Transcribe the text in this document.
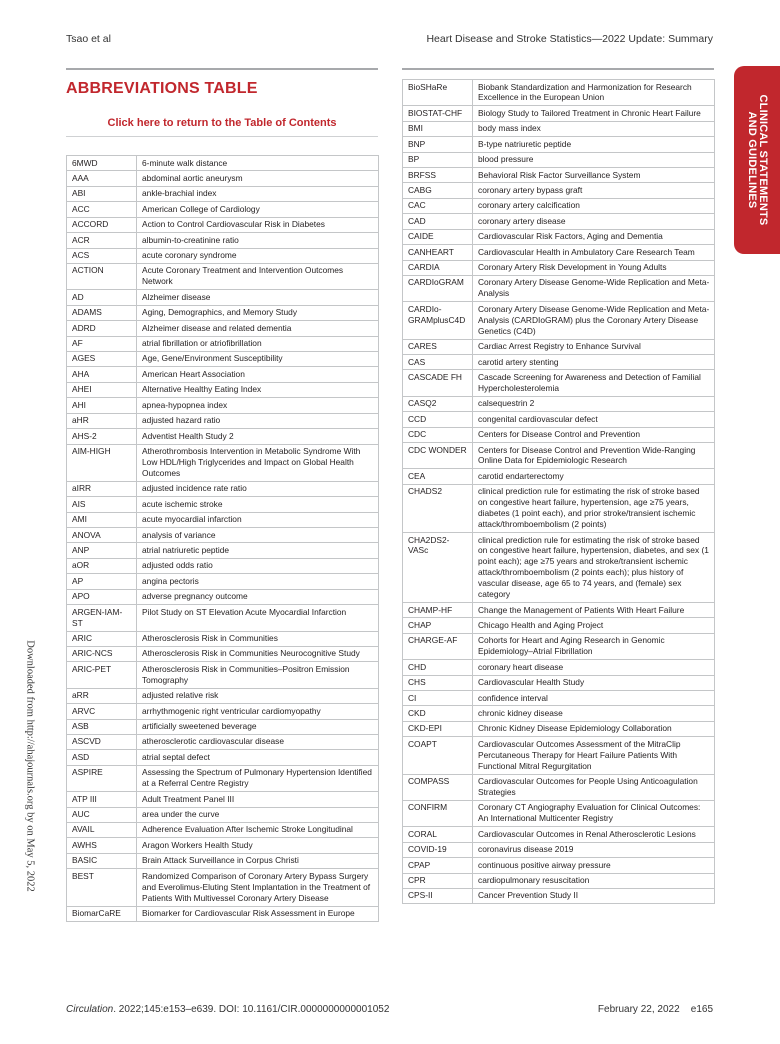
Tsao et al	Heart Disease and Stroke Statistics—2022 Update: Summary
ABBREVIATIONS TABLE
Click here to return to the Table of Contents
6MWD	6-minute walk distance
AAA	abdominal aortic aneurysm
ABI	ankle-brachial index
ACC	American College of Cardiology
ACCORD	Action to Control Cardiovascular Risk in Diabetes
ACR	albumin-to-creatinine ratio
ACS	acute coronary syndrome
ACTION	Acute Coronary Treatment and Intervention Outcomes Network
AD	Alzheimer disease
ADAMS	Aging, Demographics, and Memory Study
ADRD	Alzheimer disease and related dementia
AF	atrial fibrillation or atriofibrillation
AGES	Age, Gene/Environment Susceptibility
AHA	American Heart Association
AHEI	Alternative Healthy Eating Index
AHI	apnea-hypopnea index
aHR	adjusted hazard ratio
AHS-2	Adventist Health Study 2
AIM-HIGH	Atherothrombosis Intervention in Metabolic Syndrome With Low HDL/High Triglycerides and Impact on Global Health Outcomes
aIRR	adjusted incidence rate ratio
AIS	acute ischemic stroke
AMI	acute myocardial infarction
ANOVA	analysis of variance
ANP	atrial natriuretic peptide
aOR	adjusted odds ratio
AP	angina pectoris
APO	adverse pregnancy outcome
ARGEN-IAM-ST	Pilot Study on ST Elevation Acute Myocardial Infarction
ARIC	Atherosclerosis Risk in Communities
ARIC-NCS	Atherosclerosis Risk in Communities Neurocognitive Study
ARIC-PET	Atherosclerosis Risk in Communities–Positron Emission Tomography
aRR	adjusted relative risk
ARVC	arrhythmogenic right ventricular cardiomyopathy
ASB	artificially sweetened beverage
ASCVD	atherosclerotic cardiovascular disease
ASD	atrial septal defect
ASPIRE	Assessing the Spectrum of Pulmonary Hypertension Identified at a Referral Centre Registry
ATP III	Adult Treatment Panel III
AUC	area under the curve
AVAIL	Adherence Evaluation After Ischemic Stroke Longitudinal
AWHS	Aragon Workers Health Study
BASIC	Brain Attack Surveillance in Corpus Christi
BEST	Randomized Comparison of Coronary Artery Bypass Surgery and Everolimus-Eluting Stent Implantation in the Treatment of Patients With Multivessel Coronary Artery Disease
BiomarCaRE	Biomarker for Cardiovascular Risk Assessment in Europe
BioSHaRe	Biobank Standardization and Harmonization for Research Excellence in the European Union
BIOSTAT-CHF	Biology Study to Tailored Treatment in Chronic Heart Failure
BMI	body mass index
BNP	B-type natriuretic peptide
BP	blood pressure
BRFSS	Behavioral Risk Factor Surveillance System
CABG	coronary artery bypass graft
CAC	coronary artery calcification
CAD	coronary artery disease
CAIDE	Cardiovascular Risk Factors, Aging and Dementia
CANHEART	Cardiovascular Health in Ambulatory Care Research Team
CARDIA	Coronary Artery Risk Development in Young Adults
CARDIoGRAM	Coronary Artery Disease Genome-Wide Replication and Meta-Analysis
CARDIo-GRAMplusC4D	Coronary Artery Disease Genome-Wide Replication and Meta-Analysis (CARDIoGRAM) plus the Coronary Artery Disease Genetics (C4D)
CARES	Cardiac Arrest Registry to Enhance Survival
CAS	carotid artery stenting
CASCADE FH	Cascade Screening for Awareness and Detection of Familial Hypercholesterolemia
CASQ2	calsequestrin 2
CCD	congenital cardiovascular defect
CDC	Centers for Disease Control and Prevention
CDC WONDER	Centers for Disease Control and Prevention Wide-Ranging Online Data for Epidemiologic Research
CEA	carotid endarterectomy
CHADS2	clinical prediction rule for estimating the risk of stroke based on congestive heart failure, hypertension, age ≥75 years, diabetes (1 point each), and prior stroke/transient ischemic attack/thromboembolism (2 points)
CHA2DS2-VASc	clinical prediction rule for estimating the risk of stroke based on congestive heart failure, hypertension, diabetes, and sex (1 point each); age ≥75 years and stroke/transient ischemic attack/thromboembolism (2 points each); plus history of vascular disease, age 65 to 74 years, and (female) sex category
CHAMP-HF	Change the Management of Patients With Heart Failure
CHAP	Chicago Health and Aging Project
CHARGE-AF	Cohorts for Heart and Aging Research in Genomic Epidemiology–Atrial Fibrillation
CHD	coronary heart disease
CHS	Cardiovascular Health Study
CI	confidence interval
CKD	chronic kidney disease
CKD-EPI	Chronic Kidney Disease Epidemiology Collaboration
COAPT	Cardiovascular Outcomes Assessment of the MitraClip Percutaneous Therapy for Heart Failure Patients With Functional Mitral Regurgitation
COMPASS	Cardiovascular Outcomes for People Using Anticoagulation Strategies
CONFIRM	Coronary CT Angiography Evaluation for Clinical Outcomes: An International Multicenter Registry
CORAL	Cardiovascular Outcomes in Renal Atherosclerotic Lesions
COVID-19	coronavirus disease 2019
CPAP	continuous positive airway pressure
CPR	cardiopulmonary resuscitation
CPS-II	Cancer Prevention Study II
CLINICAL STATEMENTS
AND GUIDELINES
Downloaded from http://ahajournals.org by on May 5, 2022
Circulation. 2022;145:e153–e639. DOI: 10.1161/CIR.0000000000001052	February 22, 2022    e165
